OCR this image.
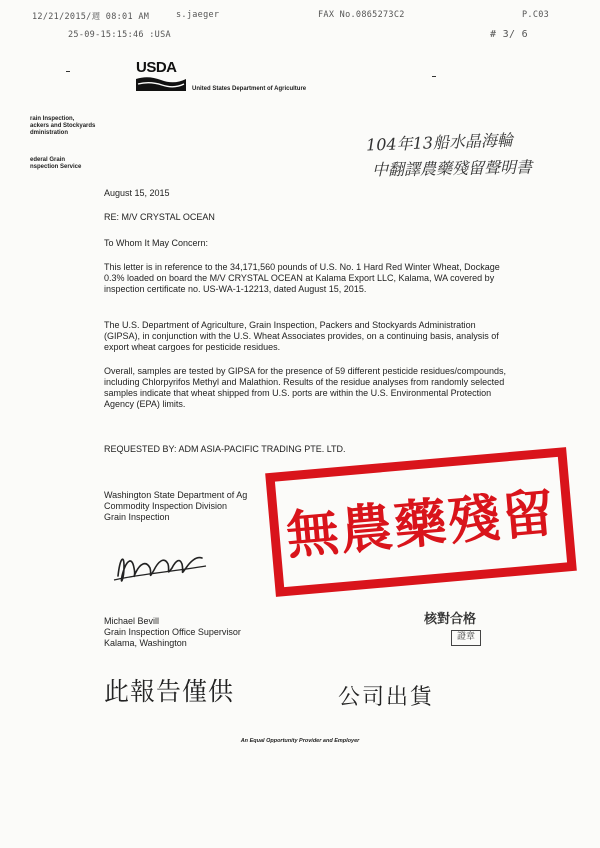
12/21/2015/週 08:01 AM	s.jaeger	FAX No.0865273C2	P.C03
25-09-15:15:46 :USA	# 3/ 6
USDA
United States Department of Agriculture
rain Inspection,
ackers and Stockyards
dministration
ederal Grain
nspection Service
104年13船水晶海輪
中翻譯農藥殘留聲明書
August 15, 2015
RE: M/V CRYSTAL OCEAN
To Whom It May Concern:
This letter is in reference to the 34,171,560 pounds of U.S. No. 1 Hard Red Winter Wheat, Dockage 0.3% loaded on board the M/V CRYSTAL OCEAN at Kalama Export LLC, Kalama, WA covered by inspection certificate no. US-WA-1-12213, dated August 15, 2015.
The U.S. Department of Agriculture, Grain Inspection, Packers and Stockyards Administration (GIPSA), in conjunction with the U.S. Wheat Associates provides, on a continuing basis, analysis of export wheat cargoes for pesticide residues.
Overall, samples are tested by GIPSA for the presence of 59 different pesticide residues/compounds, including Chlorpyrifos Methyl and Malathion. Results of the residue analyses from randomly selected samples indicate that wheat shipped from U.S. ports are within the U.S. Environmental Protection Agency (EPA) limits.
REQUESTED BY: ADM ASIA-PACIFIC TRADING PTE. LTD.
Washington State Department of Ag
Commodity Inspection Division
Grain Inspection
Michael Bevill
Grain Inspection Office Supervisor
Kalama, Washington
無農藥殘留
核對合格
證章
此報告僅供	公司出貨
An Equal Opportunity Provider and Employer
